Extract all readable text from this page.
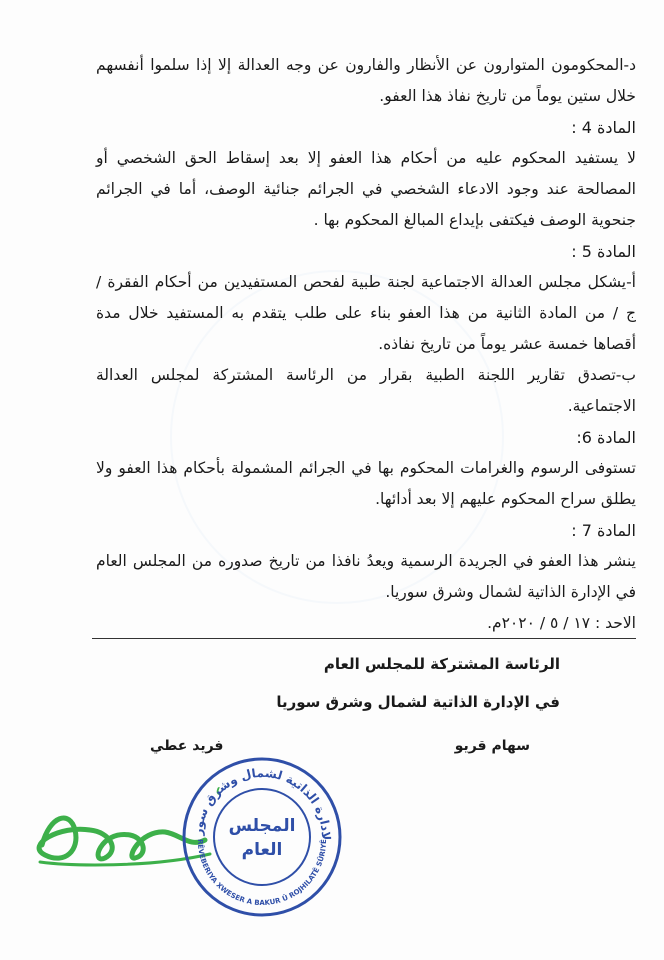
د-المحكومون المتوارون عن الأنظار والفارون عن وجه العدالة إلا إذا سلموا أنفسهم خلال ستين يوماً من تاريخ نفاذ هذا العفو.

المادة 4 :

لا يستفيد المحكوم عليه من أحكام هذا العفو إلا بعد إسقاط الحق الشخصي أو المصالحة عند وجود الادعاء الشخصي في الجرائم جنائية الوصف، أما في الجرائم جنحوية الوصف فيكتفى بإيداع المبالغ المحكوم بها .

المادة 5 :

أ-يشكل مجلس العدالة الاجتماعية لجنة طبية لفحص المستفيدين من أحكام الفقرة / ج / من المادة الثانية من هذا العفو بناء على طلب يتقدم به المستفيد خلال مدة أقصاها خمسة عشر يوماً من تاريخ نفاذه.

ب-تصدق تقارير اللجنة الطبية بقرار من الرئاسة المشتركة لمجلس العدالة الاجتماعية.

المادة 6:

تستوفى الرسوم والغرامات المحكوم بها في الجرائم المشمولة بأحكام هذا العفو ولا يطلق سراح المحكوم عليهم إلا بعد أدائها.

المادة 7 :

ينشر هذا العفو في الجريدة الرسمية ويعدُ نافذا من تاريخ صدوره من المجلس العام في الإدارة الذاتية لشمال وشرق سوريا.

الاحد : ١٧ / ٥ / ٢٠٢٠م.

الرئاسة المشتركة للمجلس العام
في الإدارة الذاتية لشمال وشرق سوريا
سهام قريو
فريد عطي
لادارة الذاتية لشمال وشرق سور
RÊVEBERIYA XWESER A BAKUR Û ROJHILATÊ SÛRIYÊ
المجلس
العام
